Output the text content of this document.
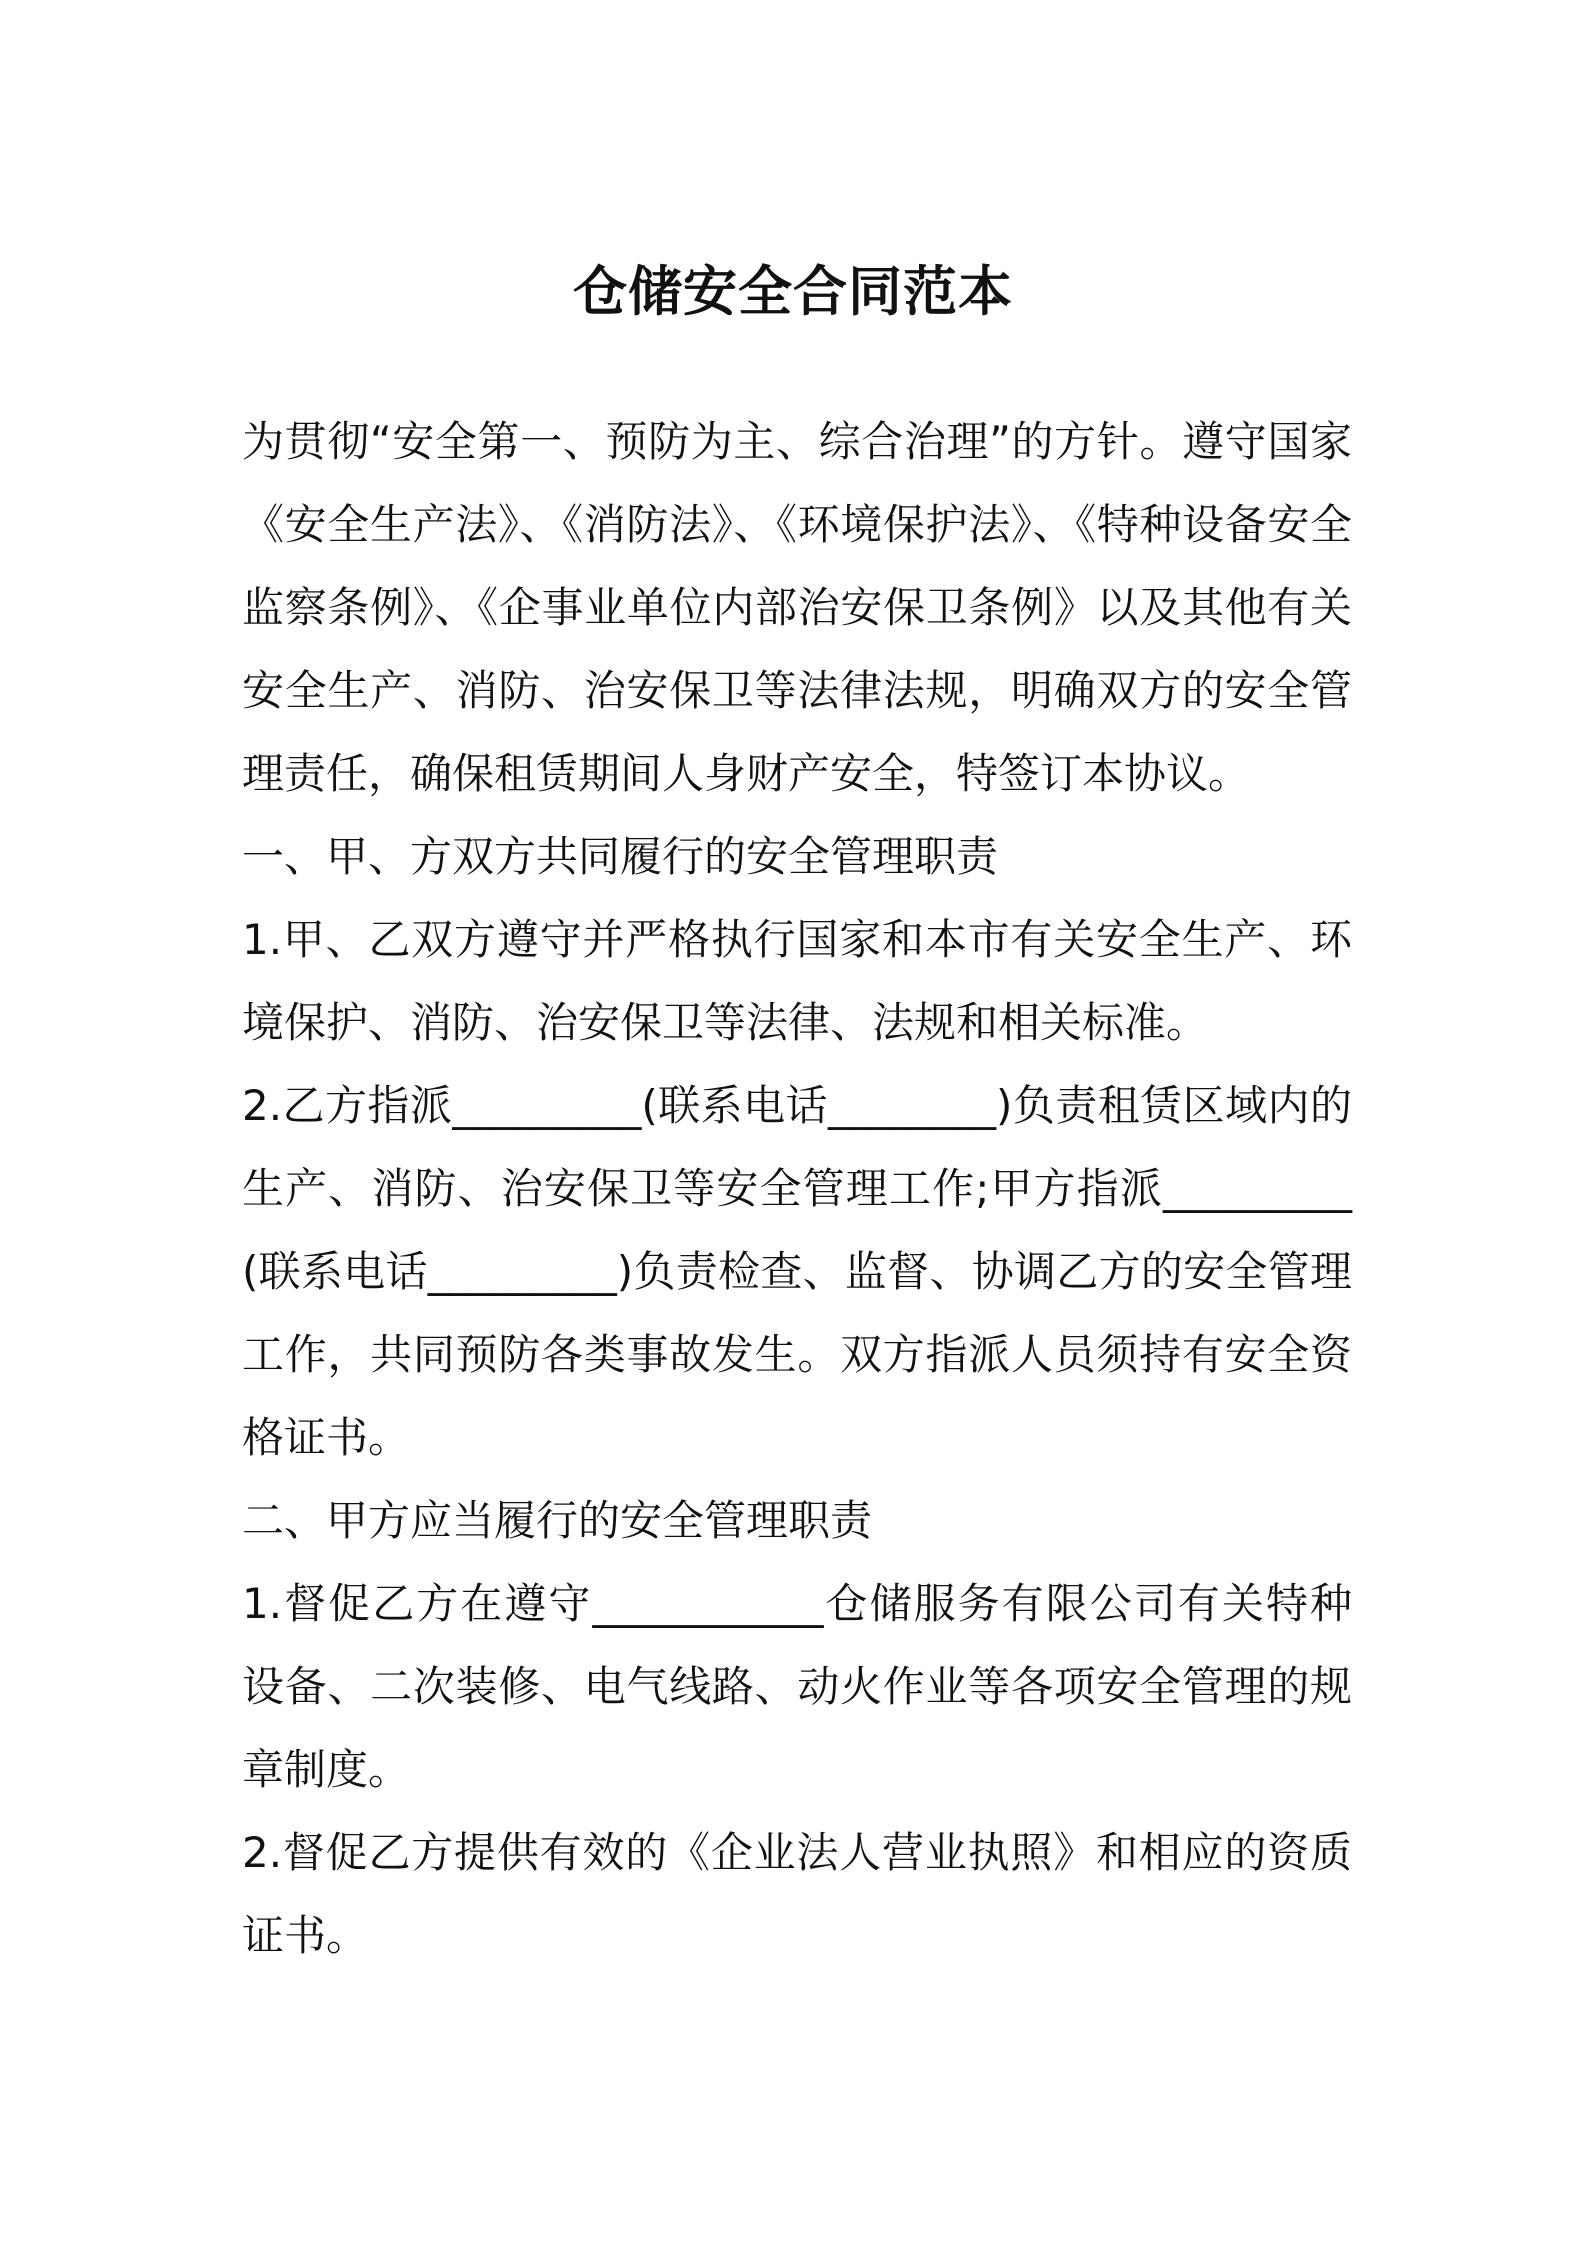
仓储安全合同范本

为贯彻“安全第一、预防为主、综合治理”的方针。遵守国家《安全生产法》、《消防法》、《环境保护法》、《特种设备安全监察条例》、《企事业单位内部治安保卫条例》以及其他有关安全生产、消防、治安保卫等法律法规，明确双方的安全管理责任，确保租赁期间人身财产安全，特签订本协议。

一、甲、方双方共同履行的安全管理职责

1.甲、乙双方遵守并严格执行国家和本市有关安全生产、环境保护、消防、治安保卫等法律、法规和相关标准。

2.乙方指派_________(联系电话________)负责租赁区域内的生产、消防、治安保卫等安全管理工作;甲方指派_________(联系电话_________)负责检查、监督、协调乙方的安全管理工作，共同预防各类事故发生。双方指派人员须持有安全资格证书。

二、甲方应当履行的安全管理职责

1.督促乙方在遵守___________仓储服务有限公司有关特种设备、二次装修、电气线路、动火作业等各项安全管理的规章制度。

2.督促乙方提供有效的《企业法人营业执照》和相应的资质证书。
